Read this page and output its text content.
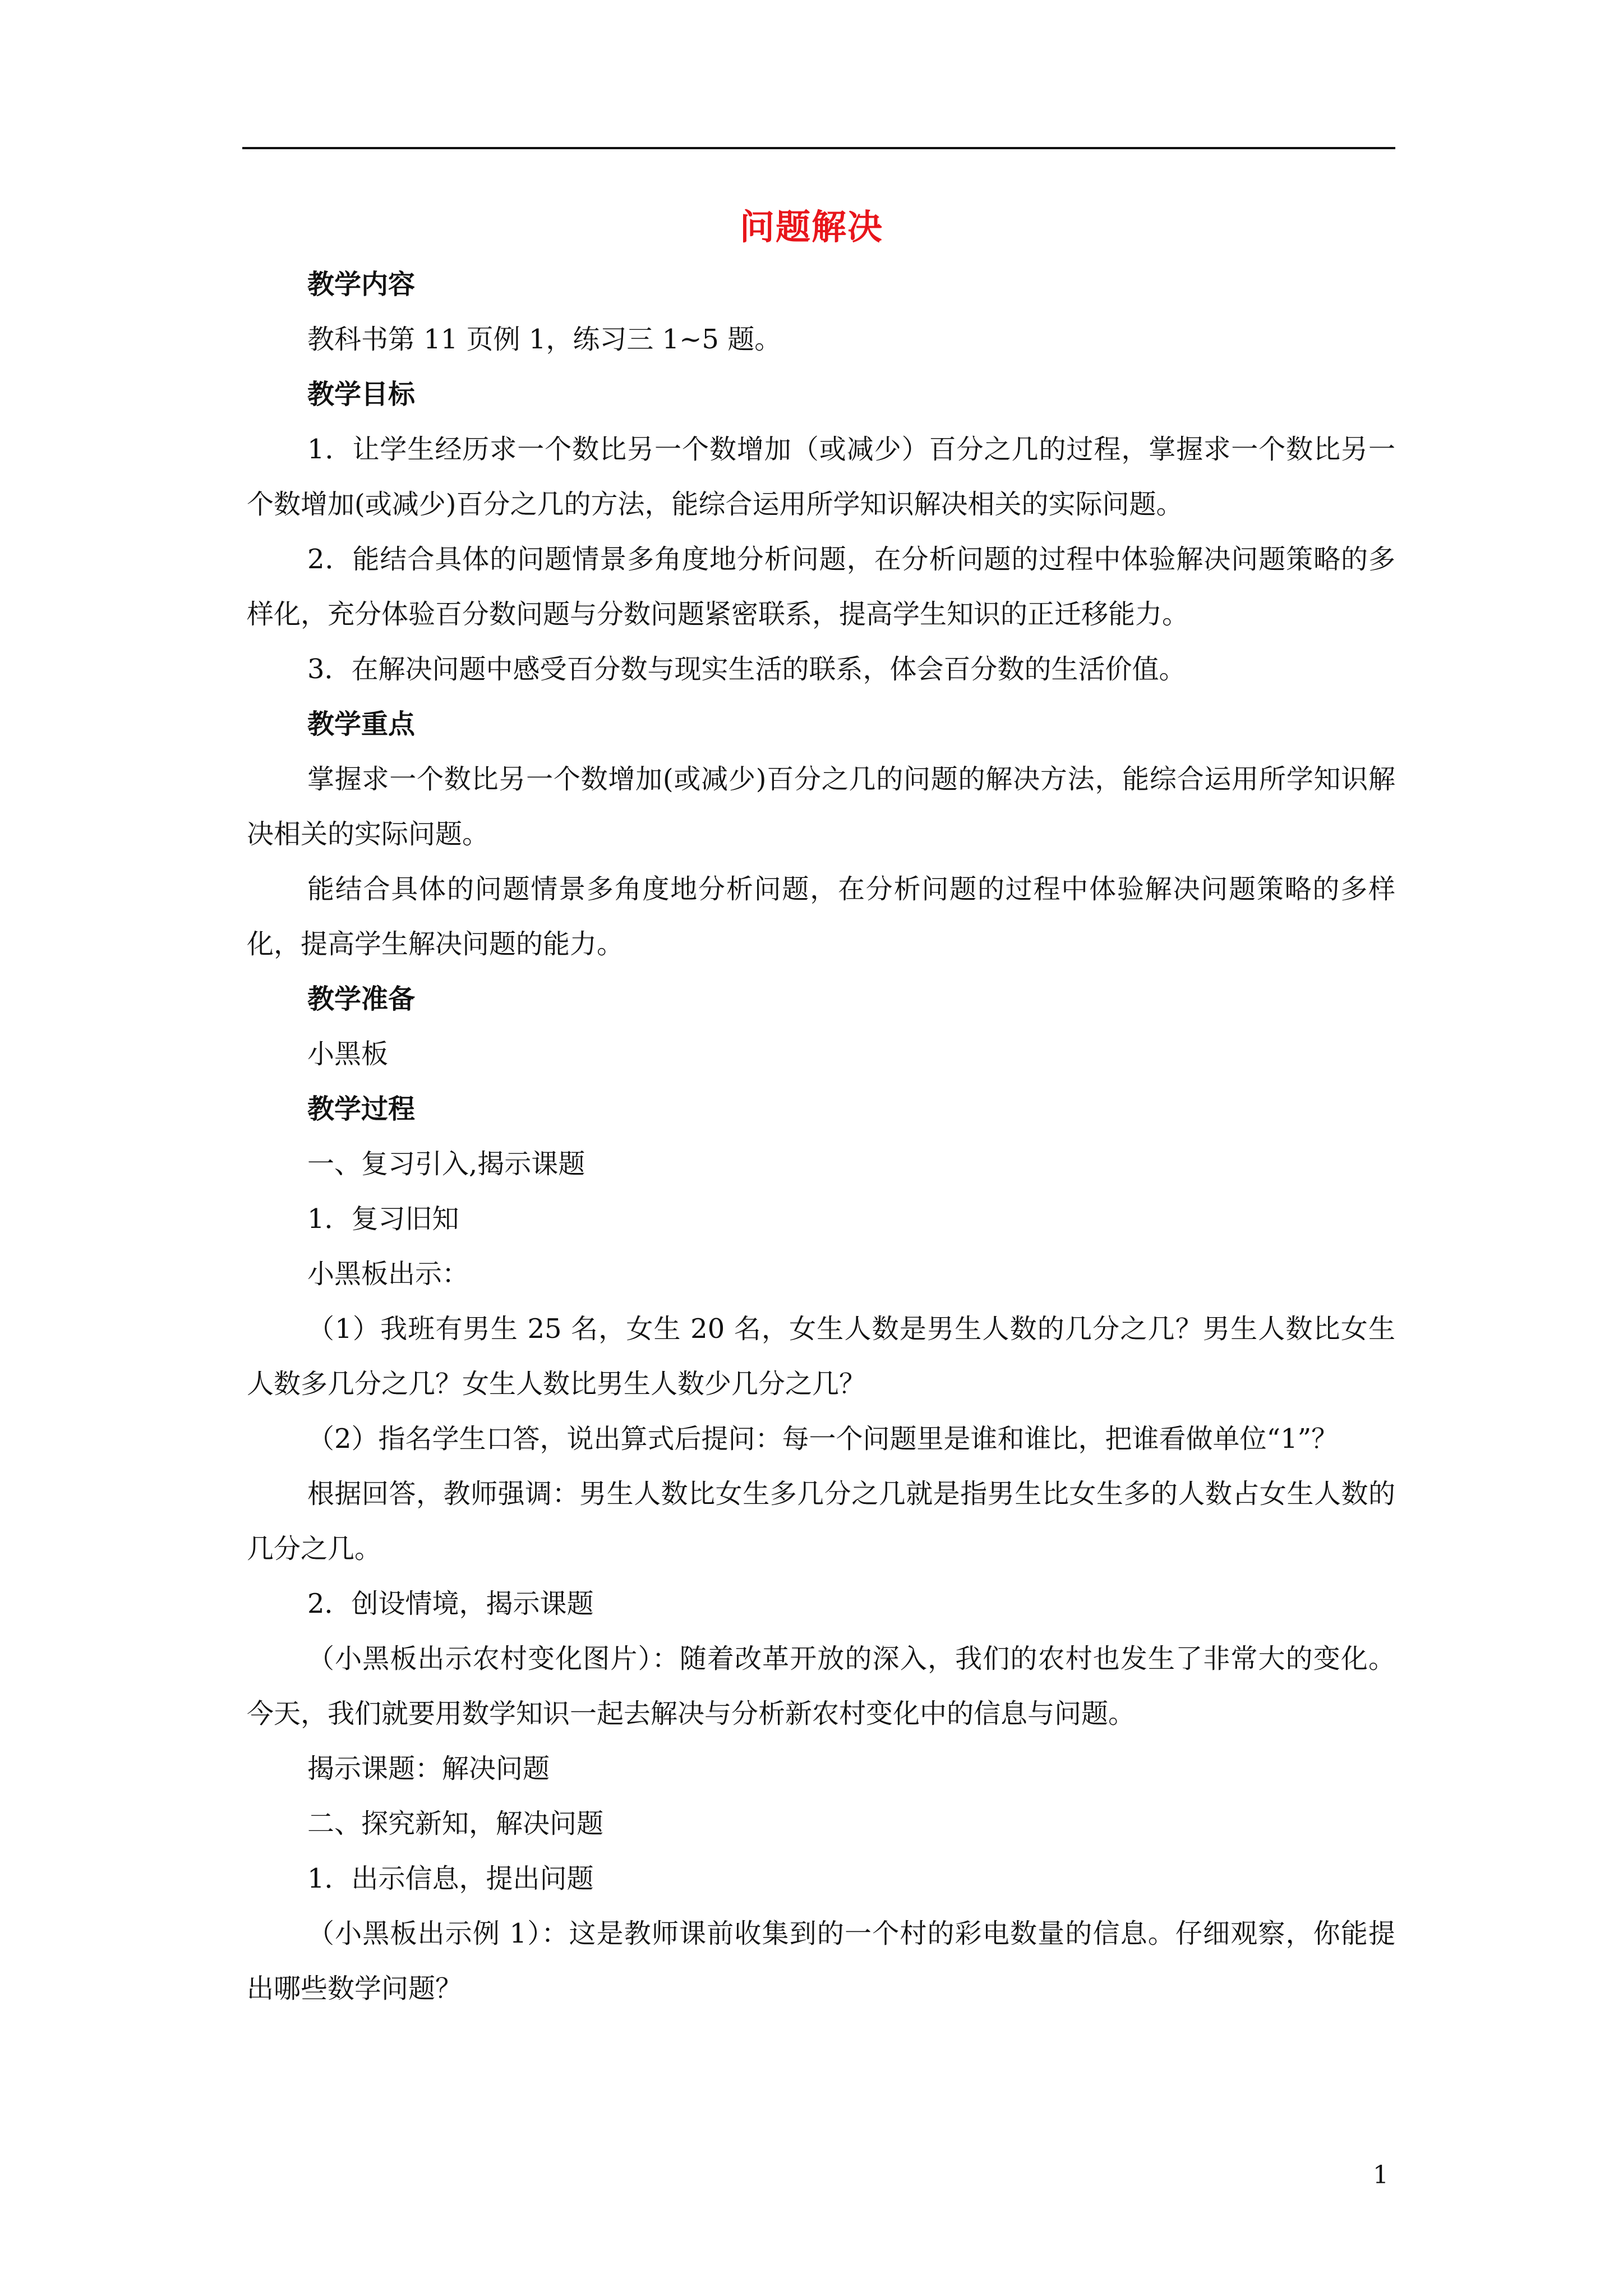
问题解决
教学内容
教科书第 11 页例 1，练习三 1~5 题。
教学目标

1．让学生经历求一个数比另一个数增加（或减少）百分之几的过程，掌握求一个数比另一个数增加(或减少)百分之几的方法，能综合运用所学知识解决相关的实际问题。

2．能结合具体的问题情景多角度地分析问题，在分析问题的过程中体验解决问题策略的多样化，充分体验百分数问题与分数问题紧密联系，提高学生知识的正迁移能力。

3．在解决问题中感受百分数与现实生活的联系，体会百分数的生活价值。
教学重点

掌握求一个数比另一个数增加(或减少)百分之几的问题的解决方法，能综合运用所学知识解决相关的实际问题。

能结合具体的问题情景多角度地分析问题，在分析问题的过程中体验解决问题策略的多样化，提高学生解决问题的能力。

教学准备
小黑板
教学过程
一、复习引入,揭示课题
1．复习旧知
小黑板出示：

（1）我班有男生 25 名，女生 20 名，女生人数是男生人数的几分之几？男生人数比女生人数多几分之几？女生人数比男生人数少几分之几？

（2）指名学生口答，说出算式后提问：每一个问题里是谁和谁比，把谁看做单位“1”？

根据回答，教师强调：男生人数比女生多几分之几就是指男生比女生多的人数占女生人数的几分之几。

2．创设情境，揭示课题

（小黑板出示农村变化图片）：随着改革开放的深入，我们的农村也发生了非常大的变化。今天，我们就要用数学知识一起去解决与分析新农村变化中的信息与问题。

揭示课题：解决问题
二、探究新知，解决问题
1．出示信息，提出问题

（小黑板出示例 1）：这是教师课前收集到的一个村的彩电数量的信息。仔细观察，你能提出哪些数学问题？

1
